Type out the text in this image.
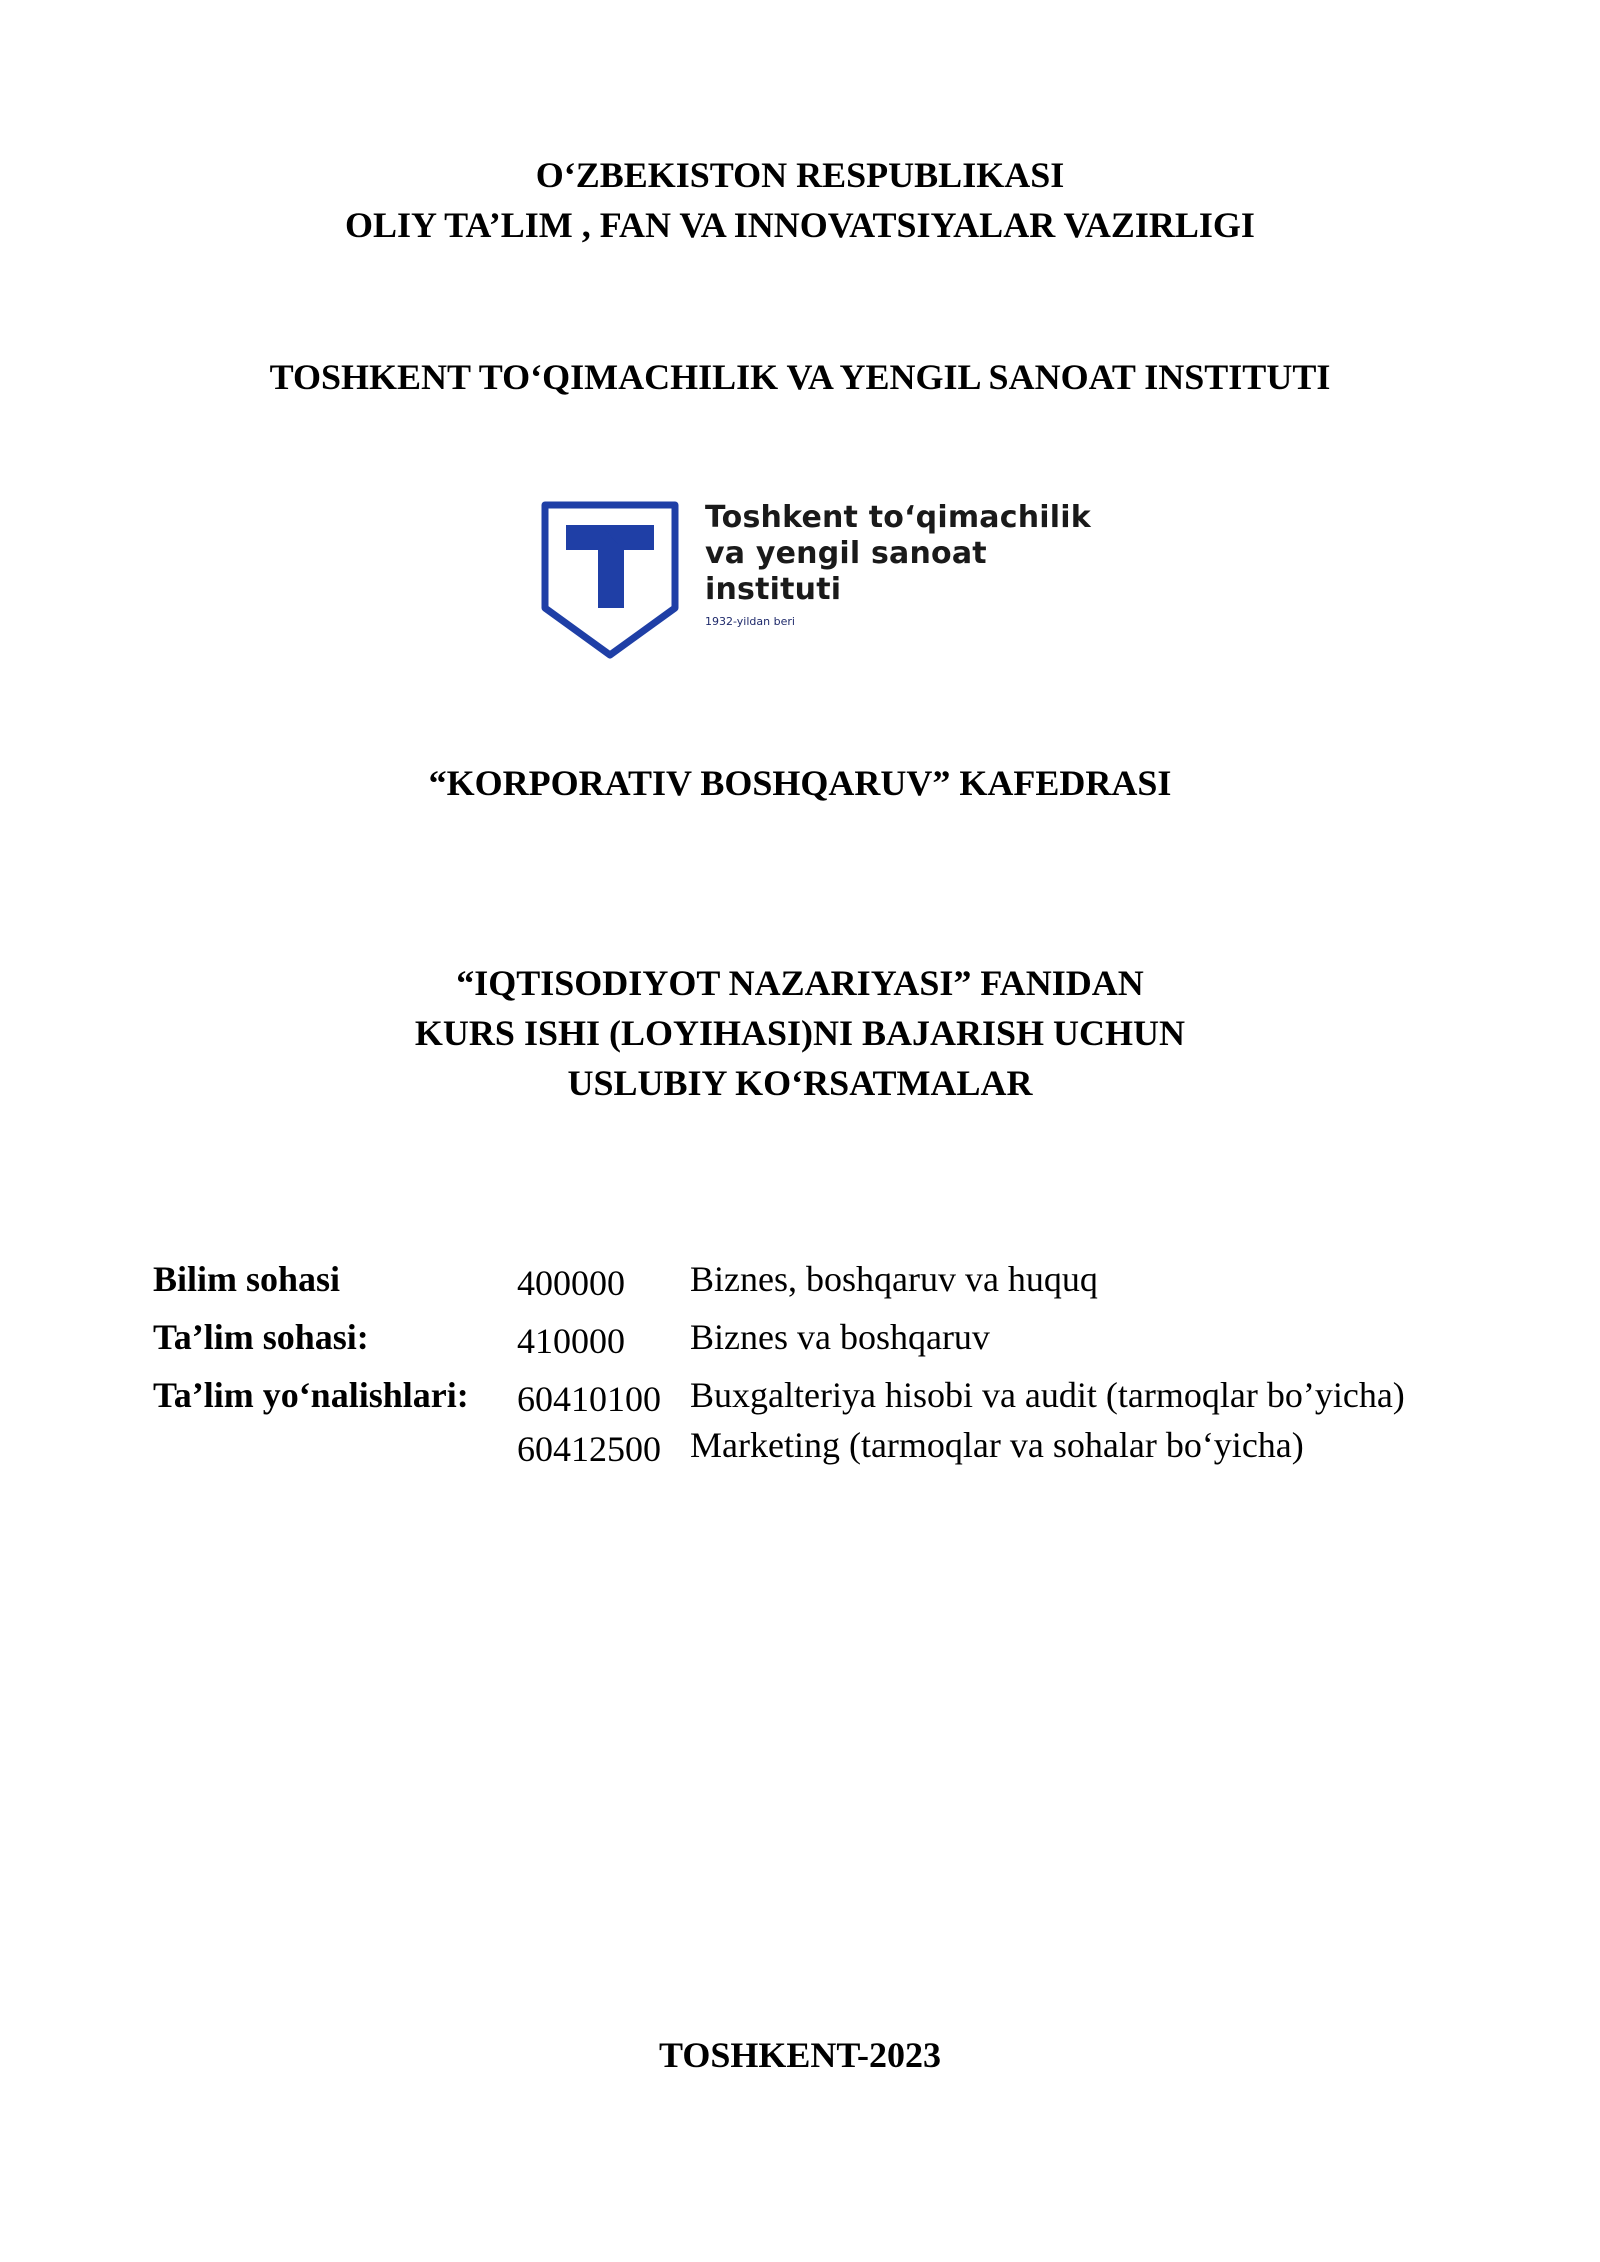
O‘ZBEKISTON RESPUBLIKASI
OLIY TA’LIM , FAN VA INNOVATSIYALAR VAZIRLIGI
TOSHKENT TO‘QIMACHILIK VA YENGIL SANOAT INSTITUTI
Toshkent to‘qimachilik
va yengil sanoat
instituti
1932-yildan beri
“KORPORATIV BOSHQARUV” KAFEDRASI
“IQTISODIYOT NAZARIYASI” FANIDAN
KURS ISHI (LOYIHASI)NI BAJARISH UCHUN
USLUBIY KO‘RSATMALAR
Bilim sohasi	400000 Biznes, boshqaruv va huquq
Ta’lim sohasi:	410000 Biznes va boshqaruv
Ta’lim yo‘nalishlari: 60410100 Buxgalteriya hisobi va audit (tarmoqlar bo’yicha)
60412500 Marketing (tarmoqlar va sohalar bo‘yicha)
TOSHKENT-2023
